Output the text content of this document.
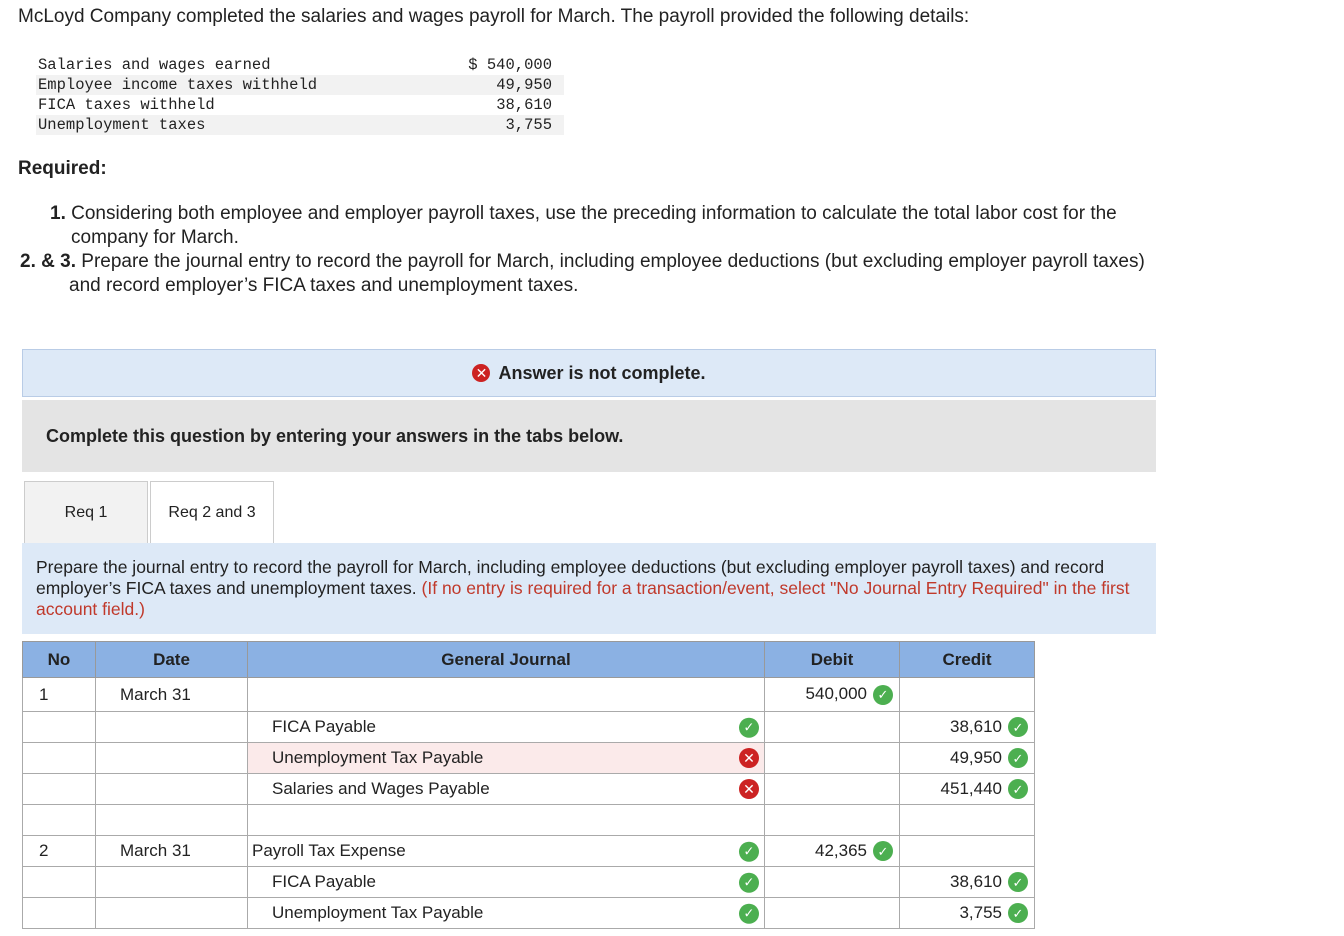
McLoyd Company completed the salaries and wages payroll for March. The payroll provided the following details:
Salaries and wages earned	$ 540,000
Employee income taxes withheld	49,950
FICA taxes withheld	38,610
Unemployment taxes	3,755
Required:
1. Considering both employee and employer payroll taxes, use the preceding information to calculate the total labor cost for the
company for March.
2. & 3. Prepare the journal entry to record the payroll for March, including employee deductions (but excluding employer payroll taxes)
and record employer’s FICA taxes and unemployment taxes.
✕ Answer is not complete.
Complete this question by entering your answers in the tabs below.
Req 1	Req 2 and 3
Prepare the journal entry to record the payroll for March, including employee deductions (but excluding employer payroll taxes) and record employer’s FICA taxes and unemployment taxes. (If no entry is required for a transaction/event, select "No Journal Entry Required" in the first account field.)
No	Date	General Journal	Debit	Credit
1	March 31		540,000 ✓	
		FICA Payable ✓		38,610 ✓
		Unemployment Tax Payable ✕		49,950 ✓
		Salaries and Wages Payable ✕		451,440 ✓

2	March 31	Payroll Tax Expense ✓	42,365 ✓	
		FICA Payable ✓		38,610 ✓
		Unemployment Tax Payable ✓		3,755 ✓
